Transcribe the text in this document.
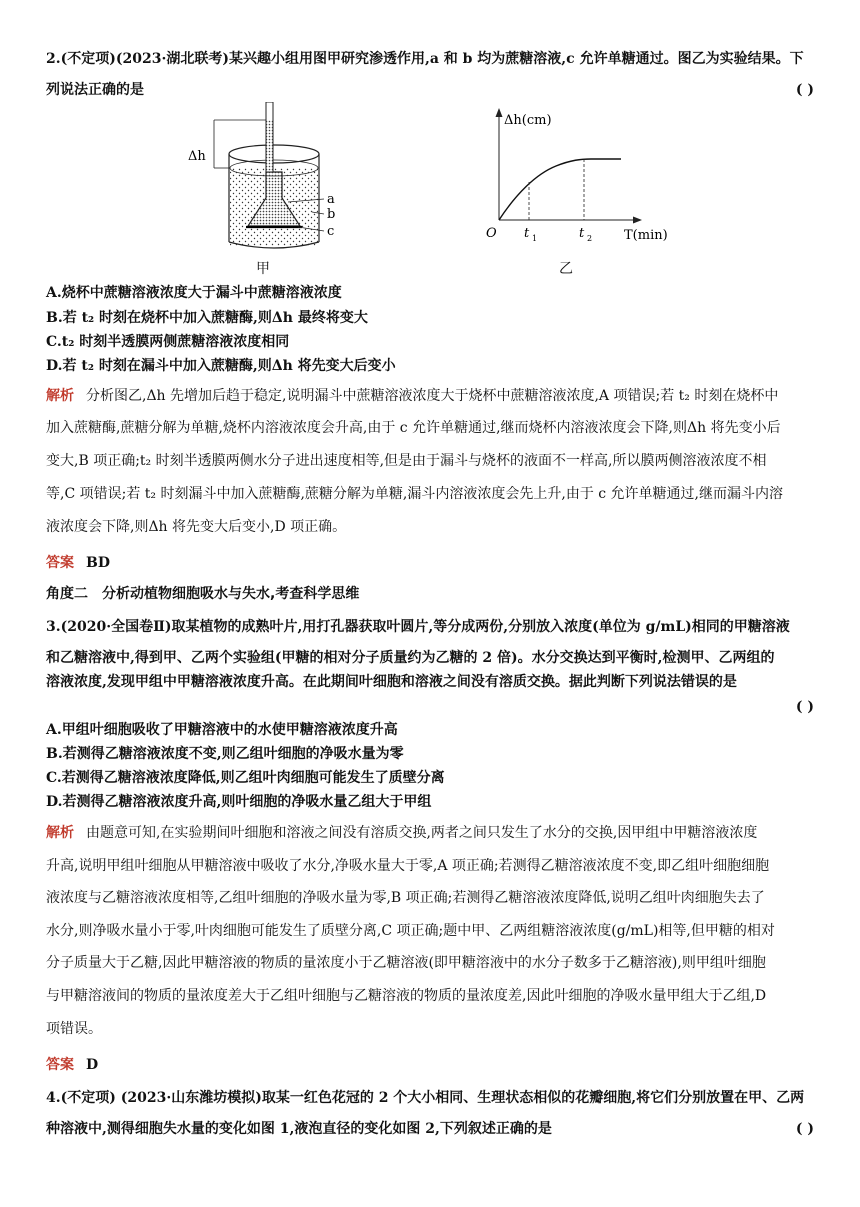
2.(不定项)(2023·湖北联考)某兴趣小组用图甲研究渗透作用,a 和 b 均为蔗糖溶液,c 允许单糖通过。图乙为实验结果。下
列说法正确的是	( )
Δh
a
b
c
甲
Δh(cm)
O t 1	t 2 T(min)
乙
A.烧杯中蔗糖溶液浓度大于漏斗中蔗糖溶液浓度
B.若 t₂ 时刻在烧杯中加入蔗糖酶,则Δh 最终将变大
C.t₂ 时刻半透膜两侧蔗糖溶液浓度相同
D.若 t₂ 时刻在漏斗中加入蔗糖酶,则Δh 将先变大后变小
解析 分析图乙,Δh 先增加后趋于稳定,说明漏斗中蔗糖溶液浓度大于烧杯中蔗糖溶液浓度,A 项错误;若 t₂ 时刻在烧杯中
加入蔗糖酶,蔗糖分解为单糖,烧杯内溶液浓度会升高,由于 c 允许单糖通过,继而烧杯内溶液浓度会下降,则Δh 将先变小后
变大,B 项正确;t₂ 时刻半透膜两侧水分子进出速度相等,但是由于漏斗与烧杯的液面不一样高,所以膜两侧溶液浓度不相
等,C 项错误;若 t₂ 时刻漏斗中加入蔗糖酶,蔗糖分解为单糖,漏斗内溶液浓度会先上升,由于 c 允许单糖通过,继而漏斗内溶
液浓度会下降,则Δh 将先变大后变小,D 项正确。
答案 BD
角度二　分析动植物细胞吸水与失水,考查科学思维
3.(2020·全国卷Ⅱ)取某植物的成熟叶片,用打孔器获取叶圆片,等分成两份,分别放入浓度(单位为 g/mL)相同的甲糖溶液
和乙糖溶液中,得到甲、乙两个实验组(甲糖的相对分子质量约为乙糖的 2 倍)。水分交换达到平衡时,检测甲、乙两组的
溶液浓度,发现甲组中甲糖溶液浓度升高。在此期间叶细胞和溶液之间没有溶质交换。据此判断下列说法错误的是
( )
A.甲组叶细胞吸收了甲糖溶液中的水使甲糖溶液浓度升高
B.若测得乙糖溶液浓度不变,则乙组叶细胞的净吸水量为零
C.若测得乙糖溶液浓度降低,则乙组叶肉细胞可能发生了质壁分离
D.若测得乙糖溶液浓度升高,则叶细胞的净吸水量乙组大于甲组
解析 由题意可知,在实验期间叶细胞和溶液之间没有溶质交换,两者之间只发生了水分的交换,因甲组中甲糖溶液浓度
升高,说明甲组叶细胞从甲糖溶液中吸收了水分,净吸水量大于零,A 项正确;若测得乙糖溶液浓度不变,即乙组叶细胞细胞
液浓度与乙糖溶液浓度相等,乙组叶细胞的净吸水量为零,B 项正确;若测得乙糖溶液浓度降低,说明乙组叶肉细胞失去了
水分,则净吸水量小于零,叶肉细胞可能发生了质壁分离,C 项正确;题中甲、乙两组糖溶液浓度(g/mL)相等,但甲糖的相对
分子质量大于乙糖,因此甲糖溶液的物质的量浓度小于乙糖溶液(即甲糖溶液中的水分子数多于乙糖溶液),则甲组叶细胞
与甲糖溶液间的物质的量浓度差大于乙组叶细胞与乙糖溶液的物质的量浓度差,因此叶细胞的净吸水量甲组大于乙组,D
项错误。
答案 D
4.(不定项) (2023·山东潍坊模拟)取某一红色花冠的 2 个大小相同、生理状态相似的花瓣细胞,将它们分别放置在甲、乙两
种溶液中,测得细胞失水量的变化如图 1,液泡直径的变化如图 2,下列叙述正确的是	( )
